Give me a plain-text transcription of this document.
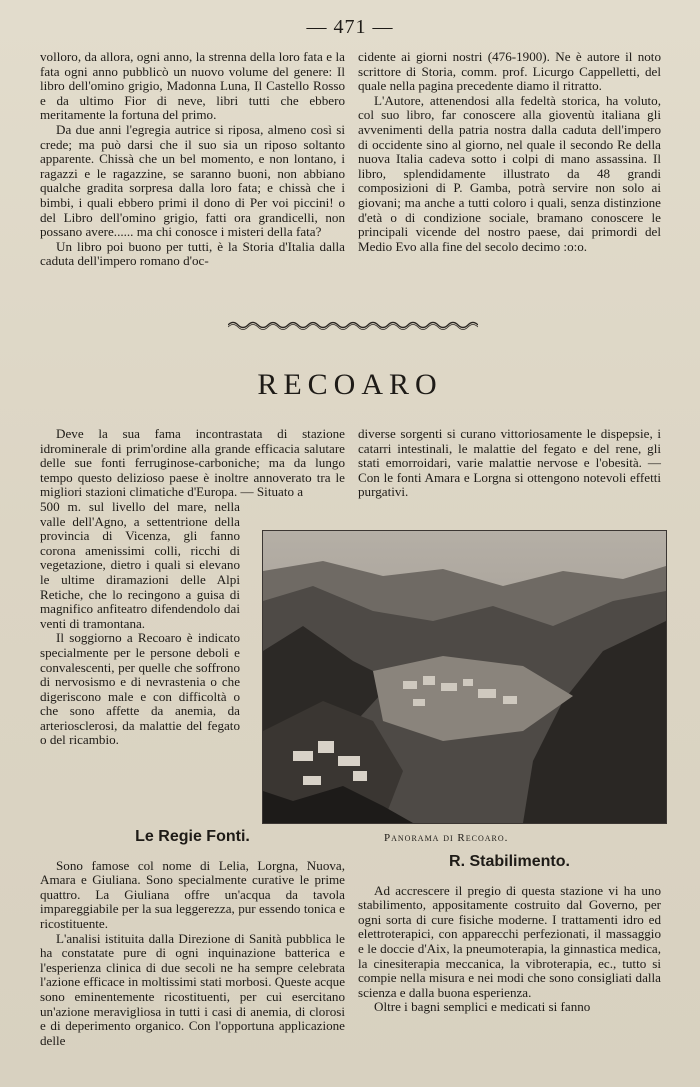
— 471 —

volloro, da allora, ogni anno, la strenna della loro fata e la fata ogni anno pubblicò un nuovo volume del genere: Il libro dell'omino grigio, Madonna Luna, Il Castello Rosso e da ultimo Fior di neve, libri tutti che ebbero meritamente la fortuna del primo.

Da due anni l'egregia autrice si riposa, almeno così si crede; ma può darsi che il suo sia un riposo soltanto apparente. Chissà che un bel momento, e non lontano, i ragazzi e le ragazzine, se saranno buoni, non abbiano qualche gradita sorpresa dalla loro fata; e chissà che i bimbi, i quali ebbero primi il dono di Per voi piccini! o del Libro dell'omino grigio, fatti ora grandicelli, non possano avere...... ma chi conosce i misteri della fata?

Un libro poi buono per tutti, è la Storia d'Italia dalla caduta dell'impero romano d'oc-

cidente ai giorni nostri (476-1900). Ne è autore il noto scrittore di Storia, comm. prof. Licurgo Cappelletti, del quale nella pagina precedente diamo il ritratto.

L'Autore, attenendosi alla fedeltà storica, ha voluto, col suo libro, far conoscere alla gioventù italiana gli avvenimenti della patria nostra dalla caduta dell'impero di occidente sino al giorno, nel quale il secondo Re della nuova Italia cadeva sotto i colpi di mano assassina. Il libro, splendidamente illustrato da 48 grandi composizioni di P. Gamba, potrà servire non solo ai giovani; ma anche a tutti coloro i quali, senza distinzione d'età o di condizione sociale, bramano conoscere le principali vicende del nostro paese, dai primordi del Medio Evo alla fine del secolo decimo :o:o.

RECOARO

Deve la sua fama incontrastata di stazione idrominerale di prim'ordine alla grande efficacia salutare delle sue fonti ferruginose-carboniche; ma da lungo tempo questo delizioso paese è inoltre annoverato tra le migliori stazioni climatiche d'Europa. — Situato a

500 m. sul livello del mare, nella valle dell'Agno, a settentrione della provincia di Vicenza, gli fanno corona amenissimi colli, ricchi di vegetazione, dietro i quali si elevano le ultime diramazioni delle Alpi Retiche, che lo recingono a guisa di magnifico anfiteatro difendendolo dai venti di tramontana.

Il soggiorno a Recoaro è indicato specialmente per le persone deboli e convalescenti, per quelle che soffrono di nervosismo e di nevrastenia o che digeriscono male e con difficoltà o che sono affette da anemia, da arteriosclerosi, da malattie del fegato o del ricambio.

diverse sorgenti si curano vittoriosamente le dispepsie, i catarri intestinali, le malattie del fegato e del rene, gli stati emorroidari, varie malattie nervose e l'obesità. — Con le fonti Amara e Lorgna si ottengono notevoli effetti purgativi.

Panorama di Recoaro.
Le Regie Fonti.

Sono famose col nome di Lelia, Lorgna, Nuova, Amara e Giuliana. Sono specialmente curative le prime quattro. La Giuliana offre un'acqua da tavola impareggiabile per la sua leggerezza, pur essendo tonica e ricostituente.

L'analisi istituita dalla Direzione di Sanità pubblica le ha constatate pure di ogni inquinazione batterica e l'esperienza clinica di due secoli ne ha sempre celebrata l'azione efficace in moltissimi stati morbosi. Queste acque sono eminentemente ricostituenti, per cui esercitano un'azione meravigliosa in tutti i casi di anemia, di clorosi e di deperimento organico. Con l'opportuna applicazione delle

R. Stabilimento.

Ad accrescere il pregio di questa stazione vi ha uno stabilimento, appositamente costruito dal Governo, per ogni sorta di cure fisiche moderne. I trattamenti idro ed elettroterapici, con apparecchi perfezionati, il massaggio e le doccie d'Aix, la pneumoterapia, la ginnastica medica, la cinesiterapia meccanica, la vibroterapia, ec., tutto si compie nella misura e nei modi che sono consigliati dalla scienza e dalla buona esperienza.

Oltre i bagni semplici e medicati si fanno
